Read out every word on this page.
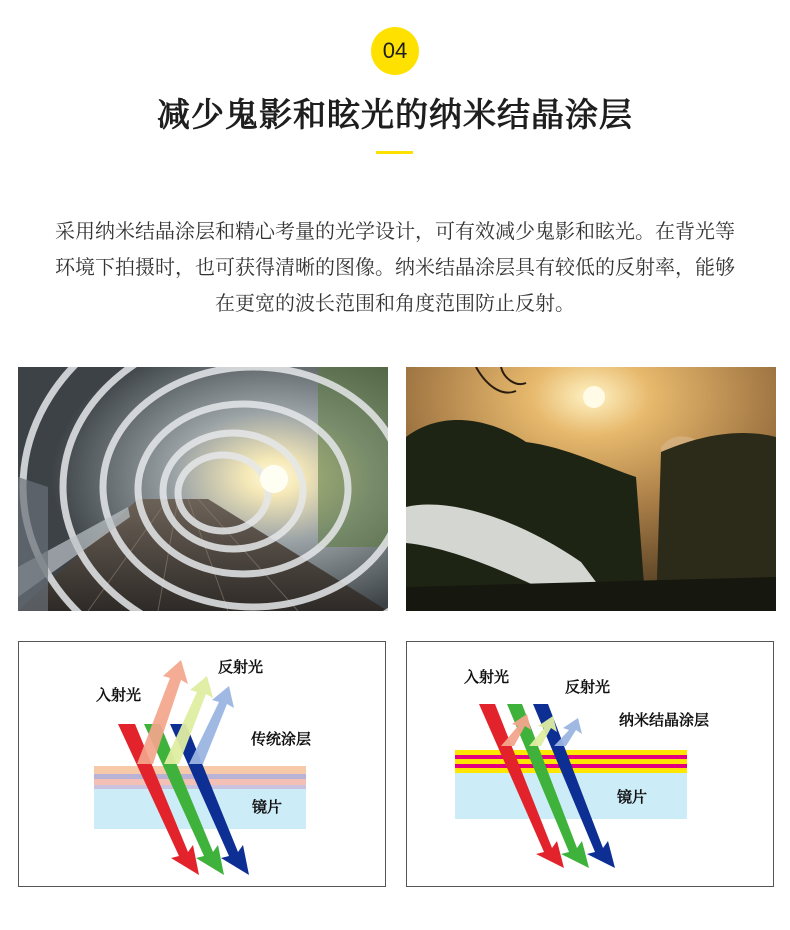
04
减少鬼影和眩光的纳米结晶涂层

采用纳米结晶涂层和精心考量的光学设计，可有效减少鬼影和眩光。在背光等环境下拍摄时，也可获得清晰的图像。纳米结晶涂层具有较低的反射率，能够在更宽的波长范围和角度范围防止反射。

入射光
反射光
传统涂层
镜片
入射光
反射光
纳米结晶涂层
镜片
